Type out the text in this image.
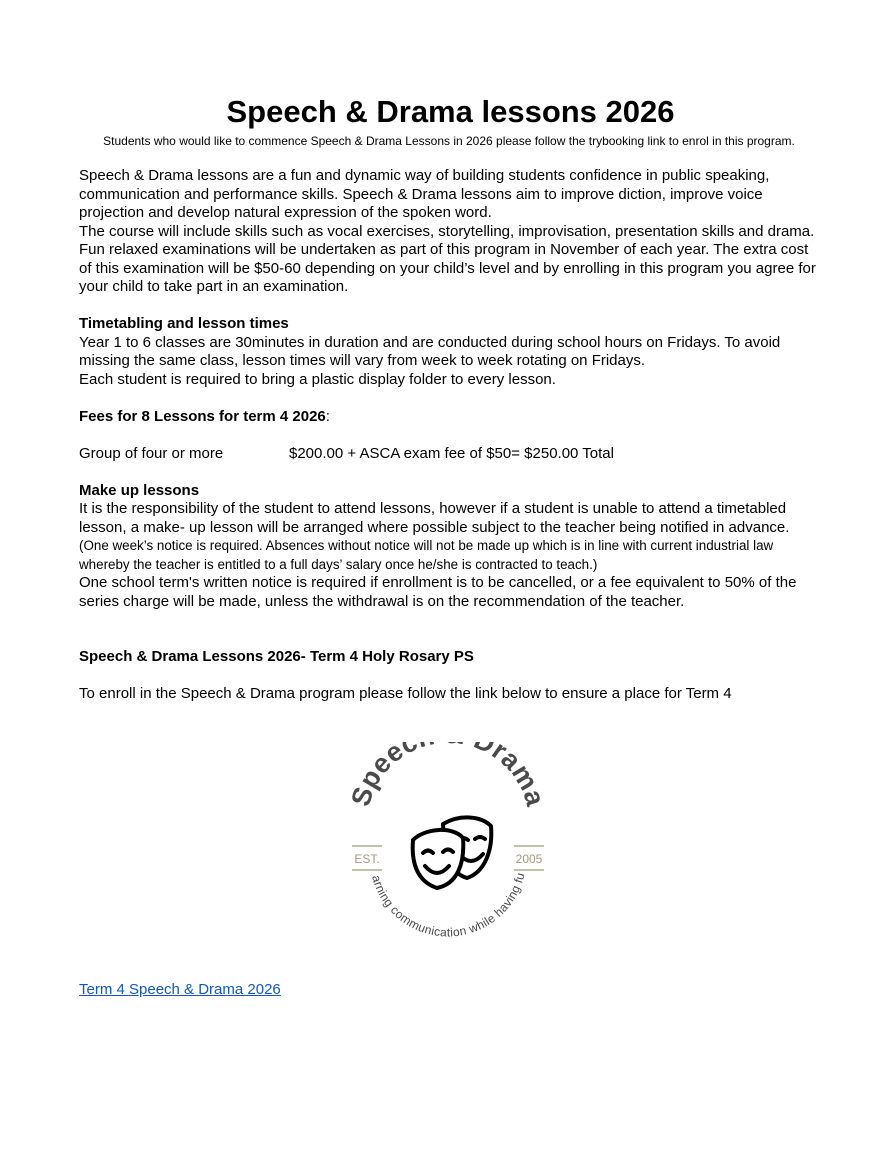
Speech & Drama lessons 2026

Students who would like to commence Speech & Drama Lessons in 2026 please follow the trybooking link to enrol in this program.

Speech & Drama lessons are a fun and dynamic way of building students confidence in public speaking, communication and performance skills. Speech & Drama lessons aim to improve diction, improve voice projection and develop natural expression of the spoken word.

The course will include skills such as vocal exercises, storytelling, improvisation, presentation skills and drama. Fun relaxed examinations will be undertaken as part of this program in November of each year. The extra cost of this examination will be $50-60 depending on your child’s level and by enrolling in this program you agree for your child to take part in an examination.

Timetabling and lesson times

Year 1 to 6 classes are 30minutes in duration and are conducted during school hours on Fridays. To avoid missing the same class, lesson times will vary from week to week rotating on Fridays.

Each student is required to bring a plastic display folder to every lesson.

Fees for 8 Lessons for term 4 2026:

Group of four or more	$200.00 + ASCA exam fee of $50= $250.00 Total

Make up lessons

It is the responsibility of the student to attend lessons, however if a student is unable to attend a timetabled lesson, a make- up lesson will be arranged where possible subject to the teacher being notified in advance. (One week’s notice is required. Absences without notice will not be made up which is in line with current industrial law whereby the teacher is entitled to a full days’ salary once he/she is contracted to teach.)

One school term's written notice is required if enrollment is to be cancelled, or a fee equivalent to 50% of the series charge will be made, unless the withdrawal is on the recommendation of the teacher.

Speech & Drama Lessons 2026- Term 4 Holy Rosary PS

To enroll in the Speech & Drama program please follow the link below to ensure a place for Term 4

Speec rama
arning communication while having fu
EST.	2005
Term 4 Speech & Drama 2026
